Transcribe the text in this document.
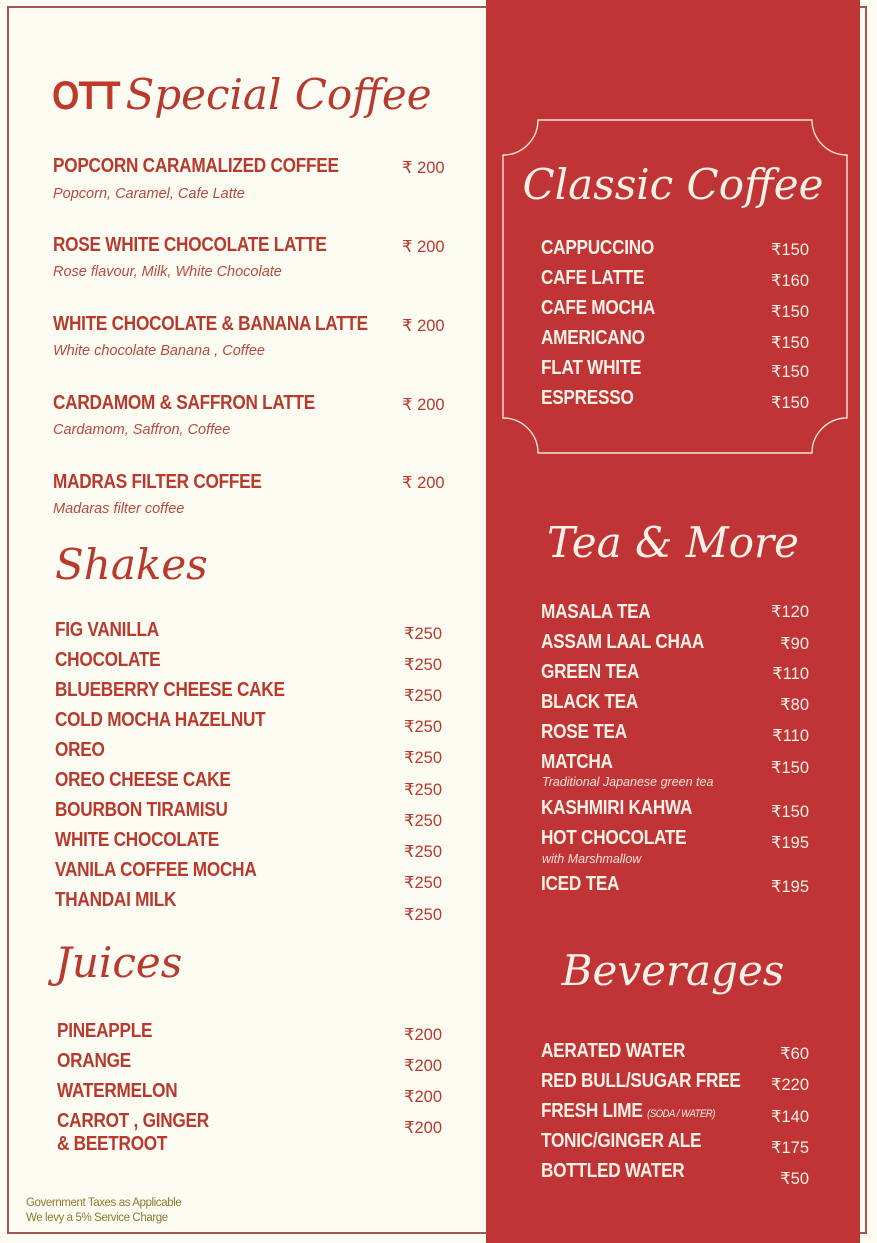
OTT Special Coffee
POPCORN CARAMALIZED COFFEE	₹ 200
Popcorn, Caramel, Cafe Latte
ROSE WHITE CHOCOLATE LATTE	₹ 200
Rose flavour, Milk, White Chocolate
WHITE CHOCOLATE & BANANA LATTE ₹ 200
White chocolate Banana , Coffee
CARDAMOM & SAFFRON LATTE	₹ 200
Cardamom, Saffron, Coffee
MADRAS FILTER COFFEE	₹ 200
Madaras filter coffee
Shakes
FIG VANILLA	₹250
CHOCOLATE	₹250
BLUEBERRY CHEESE CAKE	₹250
COLD MOCHA HAZELNUT	₹250
OREO	₹250
OREO CHEESE CAKE	₹250
BOURBON TIRAMISU	₹250
WHITE CHOCOLATE
₹250
VANILA COFFEE MOCHA
₹250
THANDAI MILK
₹250
Juices
PINEAPPLE	₹200
ORANGE	₹200
WATERMELON	₹200
CARROT , GINGER
& BEETROOT
₹200
Government Taxes as Applicable
We levy a 5% Service Charge
Classic Coffee
CAPPUCCINO	₹150
CAFE LATTE	₹160
CAFE MOCHA	₹150
AMERICANO	₹150
FLAT WHITE	₹150
ESPRESSO	₹150
Tea & More
MASALA TEA	₹120
ASSAM LAAL CHAA	₹90
GREEN TEA	₹110
BLACK TEA	₹80
ROSE TEA	₹110
MATCHA
Traditional Japanese green tea
₹150
KASHMIRI KAHWA	₹150
HOT CHOCOLATE
with Marshmallow
₹195
ICED TEA	₹195
Beverages
AERATED WATER	₹60
RED BULL/SUGAR FREE ₹220
FRESH LIME (SODA / WATER)	₹140
TONIC/GINGER ALE	₹175
BOTTLED WATER	₹50
